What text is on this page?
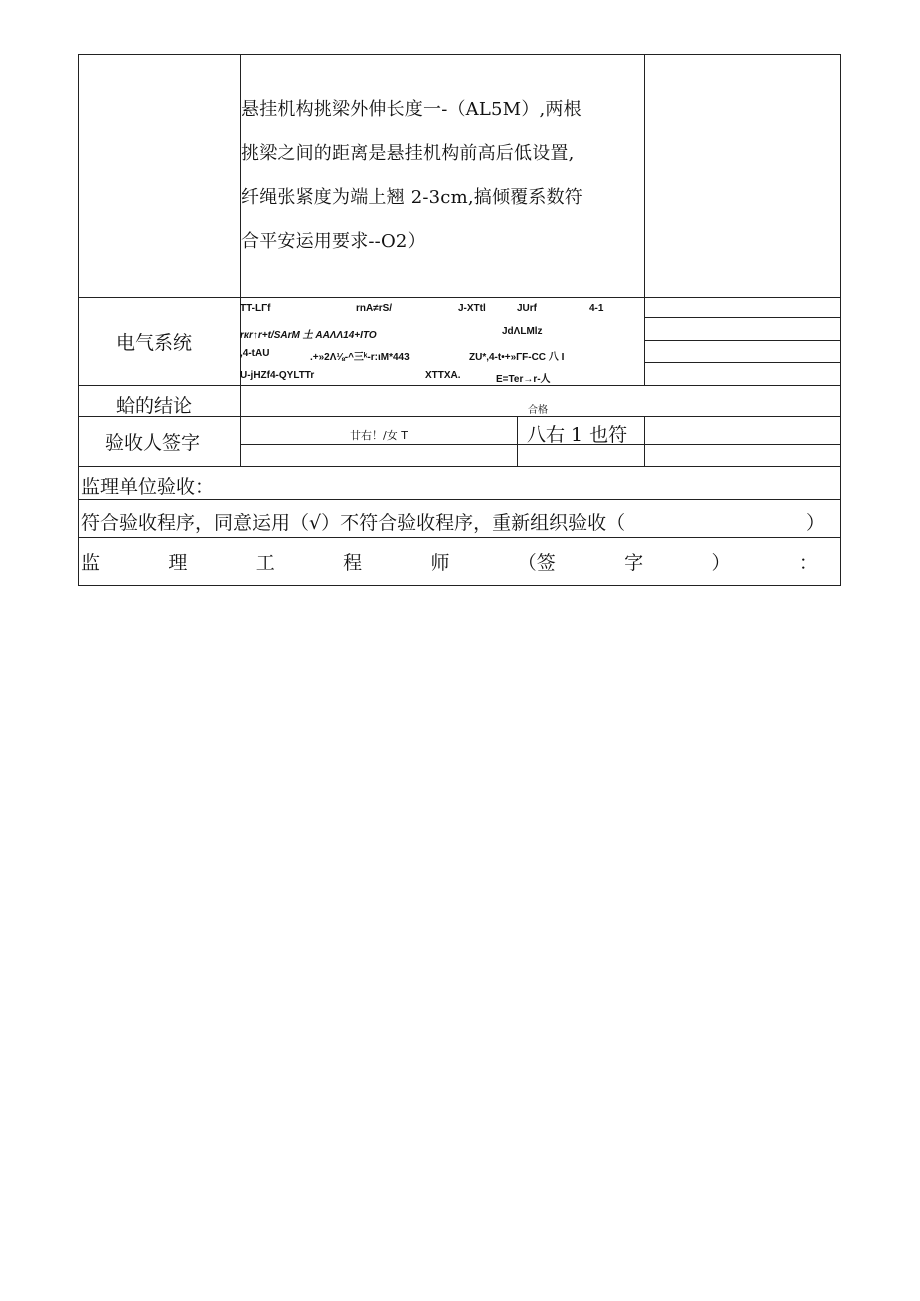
悬挂机构挑梁外伸长度一-（AL5M）,两根
挑梁之间的距离是悬挂机构前高后低设置,
纤绳张紧度为端上翘 2-3cm,搞倾覆系数符
合平安运用要求--O2）
电气系统
TT-LΓf	rnA≠rS/	J-XTtl	JUrf	4-1
rкr↑r+t/SArM 土 AAΛΛ14+ITO	JdΛLMlz
,4-tAU	.+»2Λ⅛-^三ᵏ-r:ιM*443	ZU*,4-t•+»ΓF-CC 八 I
U-jHZf4-QYLTTr	XTTXA.	E=Ter→r-人
蛤的结论	合格
验收人签字	廿右！/女 T	八右 1 也符
监理单位验收：
符合验收程序，同意运用（√）不符合验收程序，重新组织验收（	）
监	理	工	程	师	（签	字	）	：
